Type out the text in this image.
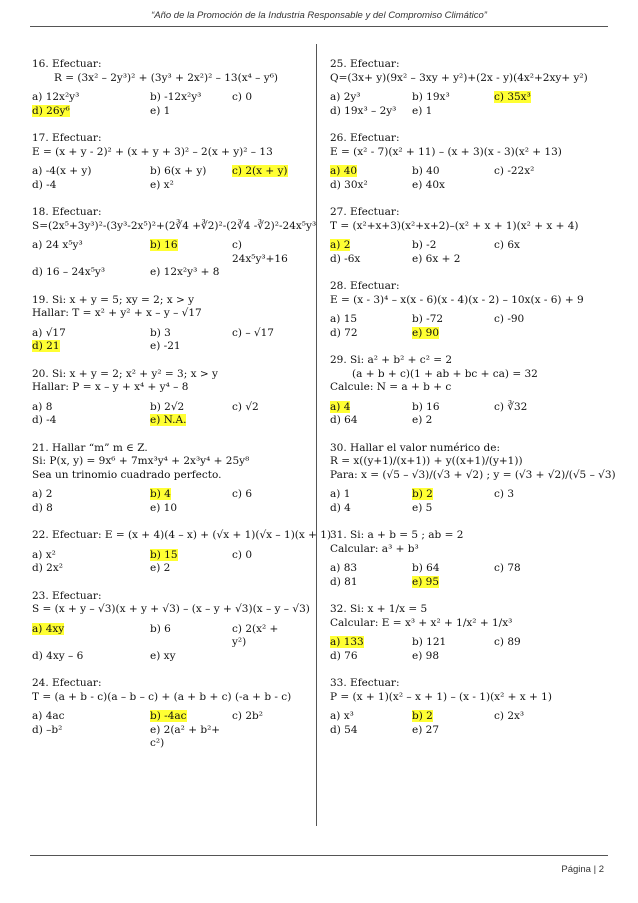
“Año de la Promoción de la Industria Responsable y del Compromiso Climático”
16. Efectuar:
R = (3x² – 2y³)² + (3y³ + 2x²)² – 13(x⁴ – y⁶)
a) 12x²y³	b) -12x²y³	c) 0
d) 26y⁶	e) 1
17. Efectuar:
E = (x + y - 2)² + (x + y + 3)² – 2(x + y)² – 13
a) -4(x + y)	b) 6(x + y)	c) 2(x + y)
d) -4	e) x²
18. Efectuar:
S=(2x⁵+3y³)²-(3y³-2x⁵)²+(2∛4 +∛2)²-(2∛4 -∛2)²-24x⁵y³
a) 24 x⁵y³	b) 16	c) 24x⁵y³+16
d) 16 – 24x⁵y³	e) 12x²y³ + 8
19. Si: x + y = 5; xy = 2; x > y
Hallar: T = x² + y² + x – y – √17
a) √17	b) 3	c) – √17
d) 21	e) -21
20. Si: x + y = 2; x² + y² = 3; x > y
Hallar: P = x – y + x⁴ + y⁴ – 8
a) 8	b) 2√2	c) √2
d) -4	e) N.A.
21. Hallar “m” m ∈ Z.
Si: P(x, y) = 9x⁶ + 7mx³y⁴ + 2x³y⁴ + 25y⁸
Sea un trinomio cuadrado perfecto.
a) 2	b) 4	c) 6
d) 8	e) 10
22. Efectuar: E = (x + 4)(4 – x) + (√x + 1)(√x – 1)(x + 1)
a) x²	b) 15	c) 0
d) 2x²	e) 2
23. Efectuar:
S = (x + y – √3)(x + y + √3) – (x – y + √3)(x – y – √3)
a) 4xy	b) 6	c) 2(x² + y²)
d) 4xy – 6	e) xy
24. Efectuar:
T = (a + b - c)(a – b – c) + (a + b + c) (-a + b - c)
a) 4ac	b) -4ac	c) 2b²
d) –b²	e) 2(a² + b²+ c²)
25. Efectuar:
Q=(3x+ y)(9x² – 3xy + y²)+(2x - y)(4x²+2xy+ y²)
a) 2y³	b) 19x³	c) 35x³
d) 19x³ – 2y³	e) 1
26. Efectuar:
E = (x² - 7)(x² + 11) – (x + 3)(x - 3)(x² + 13)
a) 40	b) 40	c) -22x²
d) 30x²	e) 40x
27. Efectuar:
T = (x²+x+3)(x²+x+2)–(x² + x + 1)(x² + x + 4)
a) 2	b) -2	c) 6x
d) -6x	e) 6x + 2
28. Efectuar:
E = (x - 3)⁴ – x(x - 6)(x - 4)(x - 2) – 10x(x - 6) + 9
a) 15	b) -72	c) -90
d) 72	e) 90
29. Si: a² + b² + c² = 2
(a + b + c)(1 + ab + bc + ca) = 32
Calcule: N = a + b + c
a) 4	b) 16	c) ∛32
d) 64	e) 2
30. Hallar el valor numérico de:
R = x((y+1)/(x+1)) + y((x+1)/(y+1))
Para: x = (√5 – √3)/(√3 + √2) ; y = (√3 + √2)/(√5 – √3)
a) 1	b) 2	c) 3
d) 4	e) 5
31. Si: a + b = 5 ; ab = 2
Calcular: a³ + b³
a) 83	b) 64	c) 78
d) 81	e) 95
32. Si: x + 1/x = 5
Calcular: E = x³ + x² + 1/x² + 1/x³
a) 133	b) 121	c) 89
d) 76	e) 98
33. Efectuar:
P = (x + 1)(x² – x + 1) – (x - 1)(x² + x + 1)
a) x³	b) 2	c) 2x³
d) 54	e) 27
Página | 2
